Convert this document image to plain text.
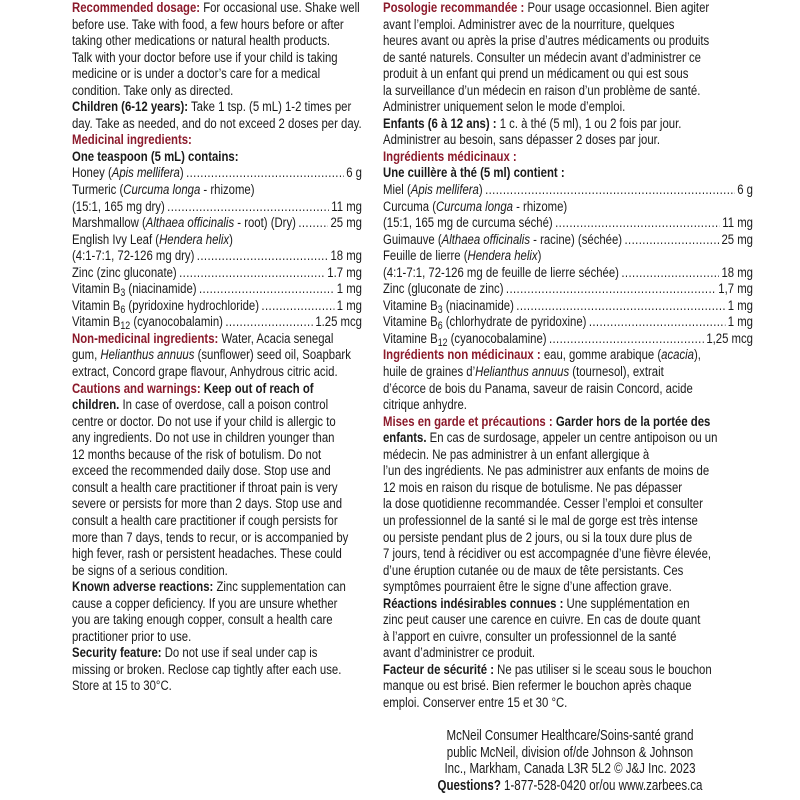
Recommended dosage: For occasional use. Shake well
before use. Take with food, a few hours before or after
taking other medications or natural health products.
Talk with your doctor before use if your child is taking
medicine or is under a doctor’s care for a medical
condition. Take only as directed.
Children (6-12 years): Take 1 tsp. (5 mL) 1-2 times per
day. Take as needed, and do not exceed 2 doses per day.
Medicinal ingredients:
One teaspoon (5 mL) contains:
Honey (Apis mellifera) .....	6 g
Turmeric (Curcuma longa - rhizome)
(15:1, 165 mg dry) .....	11 mg
Marshmallow (Althaea officinalis - root) (Dry) ..... 25 mg
English Ivy Leaf (Hendera helix)
(4:1-7:1, 72-126 mg dry) .....	18 mg
Zinc (zinc gluconate) .....	1.7 mg
Vitamin $B_3$ (niacinamide) .....	1 mg
Vitamin $B_6$ (pyridoxine hydrochloride) .....	1 mg
Vitamin $B_{12}$ (cyanocobalamin) .....	1.25 mcg
Non-medicinal ingredients: Water, Acacia senegal
gum, Helianthus annuus (sunflower) seed oil, Soapbark
extract, Concord grape flavour, Anhydrous citric acid.
Cautions and warnings: Keep out of reach of
children. In case of overdose, call a poison control
centre or doctor. Do not use if your child is allergic to
any ingredients. Do not use in children younger than
12 months because of the risk of botulism. Do not
exceed the recommended daily dose. Stop use and
consult a health care practitioner if throat pain is very
severe or persists for more than 2 days. Stop use and
consult a health care practitioner if cough persists for
more than 7 days, tends to recur, or is accompanied by
high fever, rash or persistent headaches. These could
be signs of a serious condition.
Known adverse reactions: Zinc supplementation can
cause a copper deficiency. If you are unsure whether
you are taking enough copper, consult a health care
practitioner prior to use.
Security feature: Do not use if seal under cap is
missing or broken. Reclose cap tightly after each use.
Store at 15 to 30°C.
Posologie recommandée : Pour usage occasionnel. Bien agiter
avant l’emploi. Administrer avec de la nourriture, quelques
heures avant ou après la prise d’autres médicaments ou produits
de santé naturels. Consulter un médecin avant d’administrer ce
produit à un enfant qui prend un médicament ou qui est sous
la surveillance d’un médecin en raison d’un problème de santé.
Administrer uniquement selon le mode d’emploi.
Enfants (6 à 12 ans) : 1 c. à thé (5 ml), 1 ou 2 fois par jour.
Administrer au besoin, sans dépasser 2 doses par jour.
Ingrédients médicinaux :
Une cuillère à thé (5 ml) contient :
Miel (Apis mellifera) .....	6 g
Curcuma (Curcuma longa - rhizome)
(15:1, 165 mg de curcuma séché) .....	11 mg
Guimauve (Althaea officinalis - racine) (séchée) .....	25 mg
Feuille de lierre (Hendera helix)
(4:1-7:1, 72-126 mg de feuille de lierre séchée) .....	18 mg
Zinc (gluconate de zinc) .....	1,7 mg
Vitamine $B_3$ (niacinamide) .....	1 mg
Vitamine $B_6$ (chlorhydrate de pyridoxine) .....	1 mg
Vitamine $B_{12}$ (cyanocobalamine) .....	1,25 mcg
Ingrédients non médicinaux : eau, gomme arabique (acacia),
huile de graines d’Helianthus annuus (tournesol), extrait
d’écorce de bois du Panama, saveur de raisin Concord, acide
citrique anhydre.
Mises en garde et précautions : Garder hors de la portée des
enfants. En cas de surdosage, appeler un centre antipoison ou un
médecin. Ne pas administrer à un enfant allergique à
l’un des ingrédients. Ne pas administrer aux enfants de moins de
12 mois en raison du risque de botulisme. Ne pas dépasser
la dose quotidienne recommandée. Cesser l’emploi et consulter
un professionnel de la santé si le mal de gorge est très intense
ou persiste pendant plus de 2 jours, ou si la toux dure plus de
7 jours, tend à récidiver ou est accompagnée d’une fièvre élevée,
d’une éruption cutanée ou de maux de tête persistants. Ces
symptômes pourraient être le signe d’une affection grave.
Réactions indésirables connues : Une supplémentation en
zinc peut causer une carence en cuivre. En cas de doute quant
à l’apport en cuivre, consulter un professionnel de la santé
avant d’administrer ce produit.
Facteur de sécurité : Ne pas utiliser si le sceau sous le bouchon
manque ou est brisé. Bien refermer le bouchon après chaque
emploi. Conserver entre 15 et 30 °C.
McNeil Consumer Healthcare/Soins-santé grand
public McNeil, division of/de Johnson & Johnson
Inc., Markham, Canada L3R 5L2 © J&J Inc. 2023
Questions? 1-877-528-0420 or/ou www.zarbees.ca
